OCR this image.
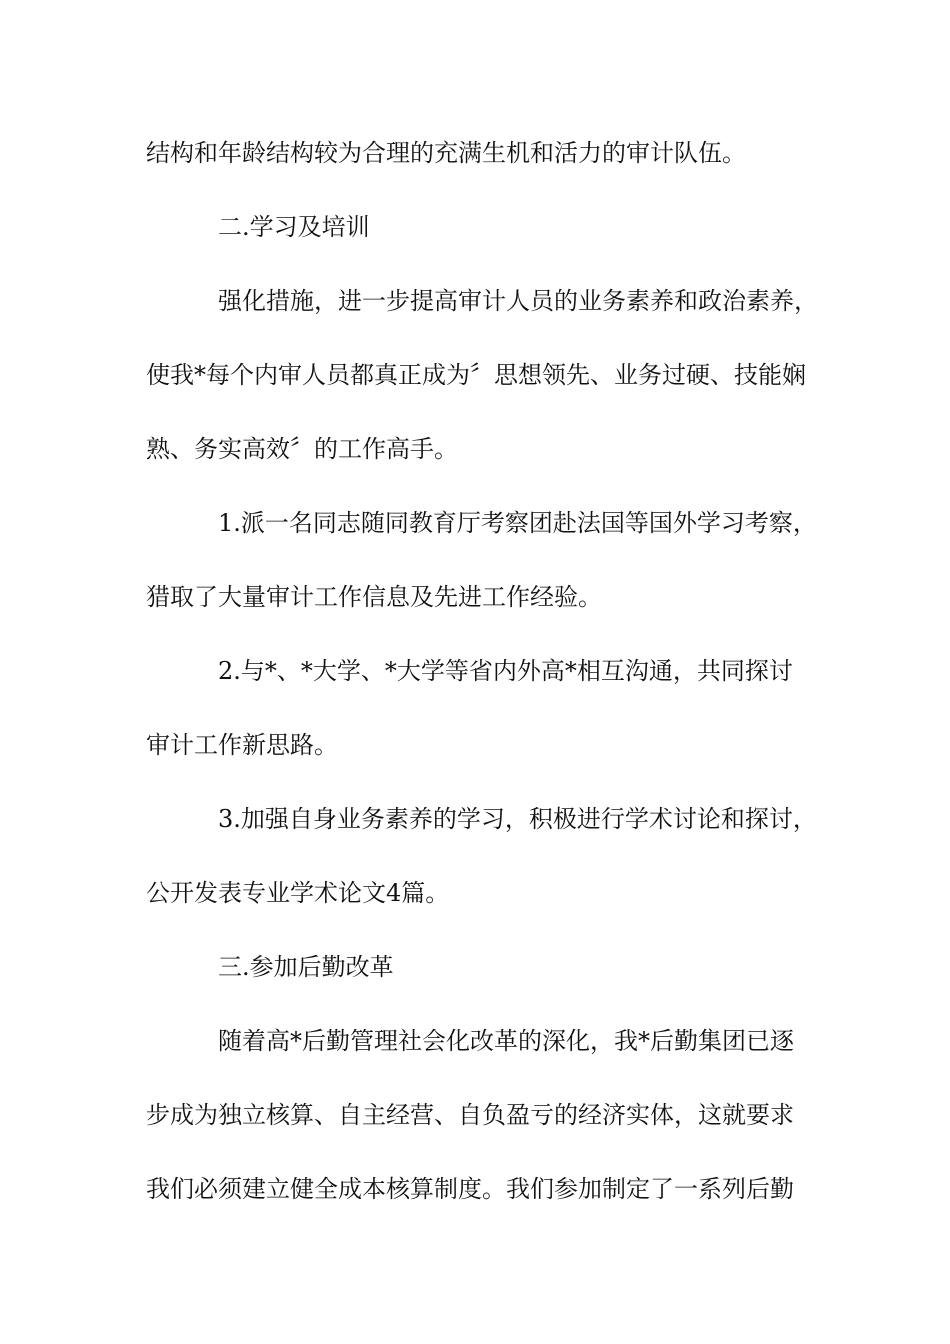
结构和年龄结构较为合理的充满生机和活力的审计队伍。
二.学习及培训
强化措施，进一步提高审计人员的业务素养和政治素养，
使我*每个内审人员都真正成为〞思想领先、业务过硬、技能娴
熟、务实高效〞的工作高手。
1.派一名同志随同教育厅考察团赴法国等国外学习考察，
猎取了大量审计工作信息及先进工作经验。
2.与*、*大学、*大学等省内外高*相互沟通，共同探讨
审计工作新思路。
3.加强自身业务素养的学习，积极进行学术讨论和探讨，
公开发表专业学术论文4篇。
三.参加后勤改革
随着高*后勤管理社会化改革的深化，我*后勤集团已逐
步成为独立核算、自主经营、自负盈亏的经济实体，这就要求
我们必须建立健全成本核算制度。我们参加制定了一系列后勤
